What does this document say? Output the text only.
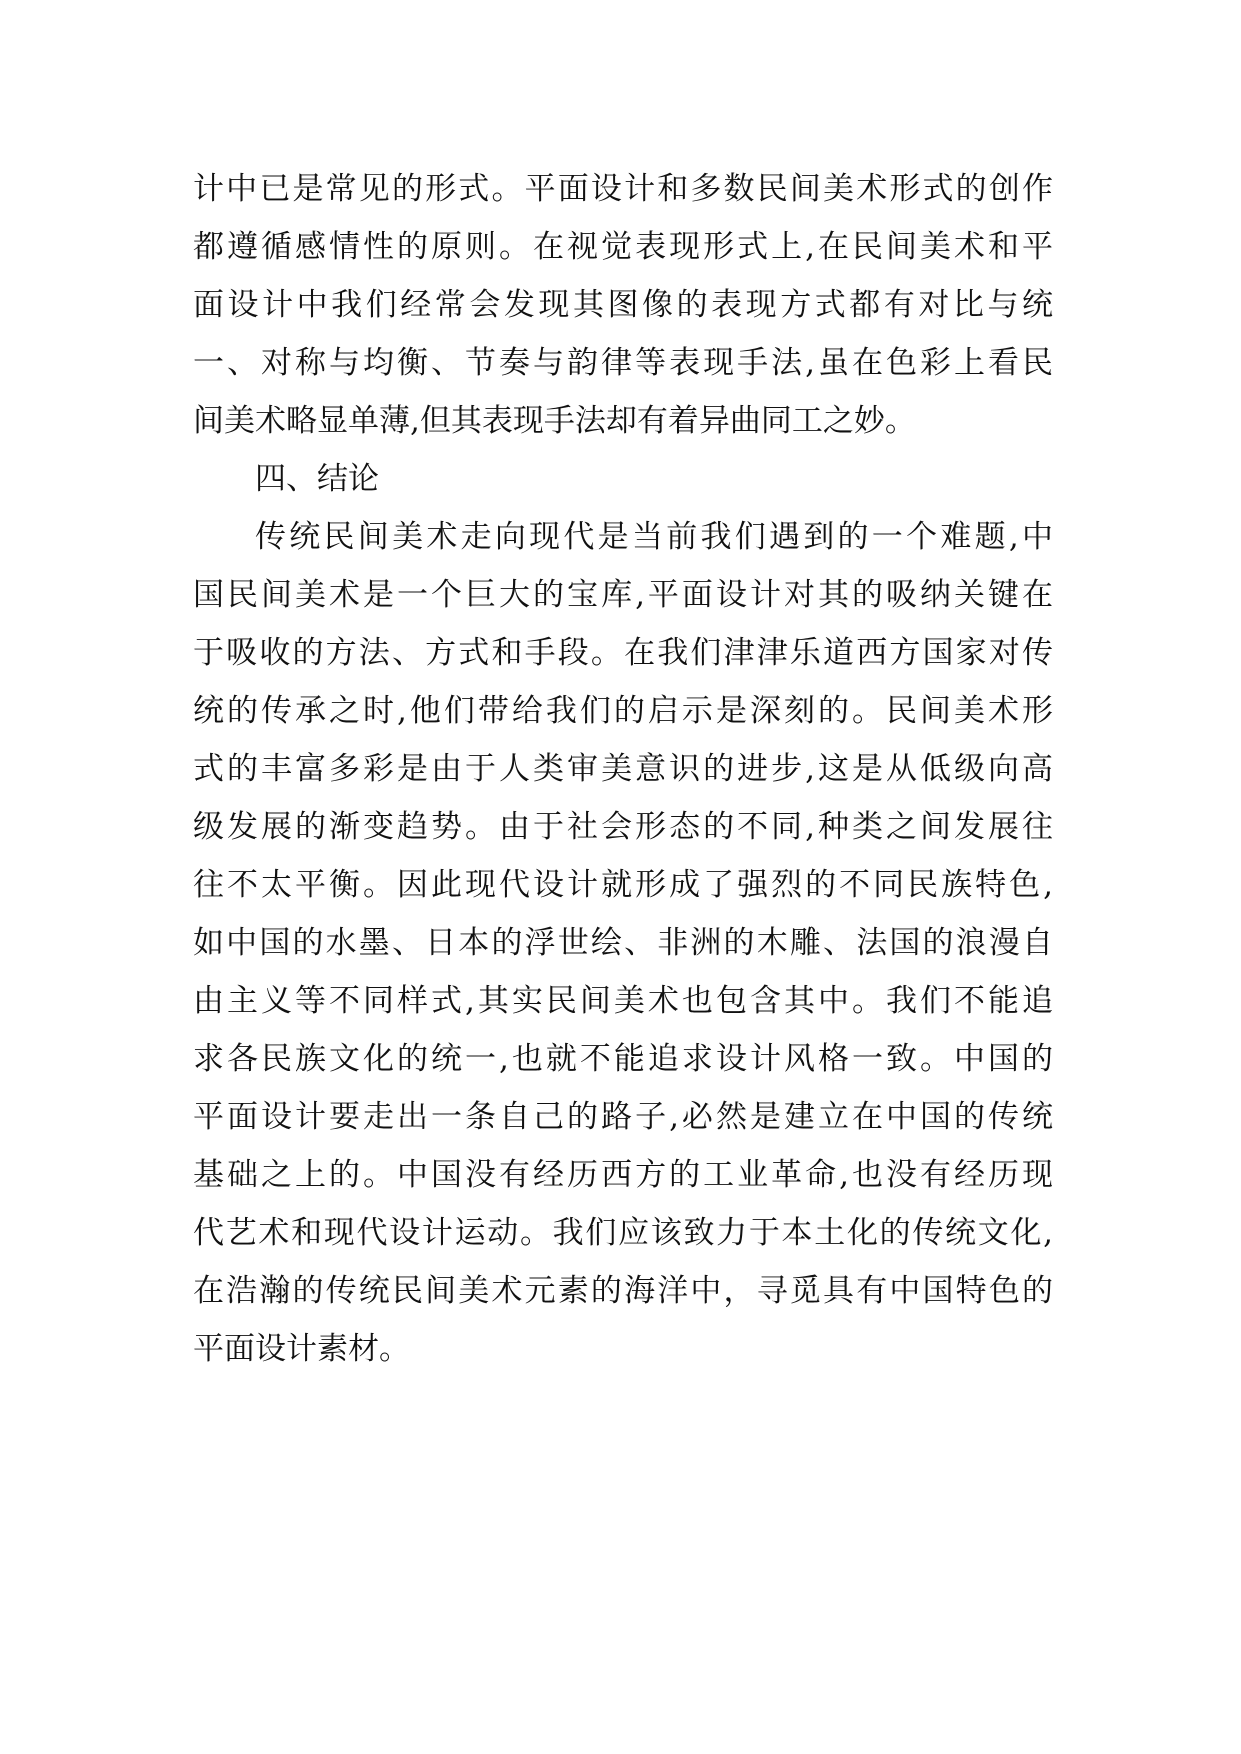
计中已是常见的形式。平面设计和多数民间美术形式的创作
都遵循感情性的原则。在视觉表现形式上,在民间美术和平
面设计中我们经常会发现其图像的表现方式都有对比与统
一、对称与均衡、节奏与韵律等表现手法,虽在色彩上看民
间美术略显单薄,但其表现手法却有着异曲同工之妙。
四、结论
传统民间美术走向现代是当前我们遇到的一个难题,中
国民间美术是一个巨大的宝库,平面设计对其的吸纳关键在
于吸收的方法、方式和手段。在我们津津乐道西方国家对传
统的传承之时,他们带给我们的启示是深刻的。民间美术形
式的丰富多彩是由于人类审美意识的进步,这是从低级向高
级发展的渐变趋势。由于社会形态的不同,种类之间发展往
往不太平衡。因此现代设计就形成了强烈的不同民族特色,
如中国的水墨、日本的浮世绘、非洲的木雕、法国的浪漫自
由主义等不同样式,其实民间美术也包含其中。我们不能追
求各民族文化的统一,也就不能追求设计风格一致。中国的
平面设计要走出一条自己的路子,必然是建立在中国的传统
基础之上的。中国没有经历西方的工业革命,也没有经历现
代艺术和现代设计运动。我们应该致力于本土化的传统文化,
在浩瀚的传统民间美术元素的海洋中，寻觅具有中国特色的
平面设计素材。
